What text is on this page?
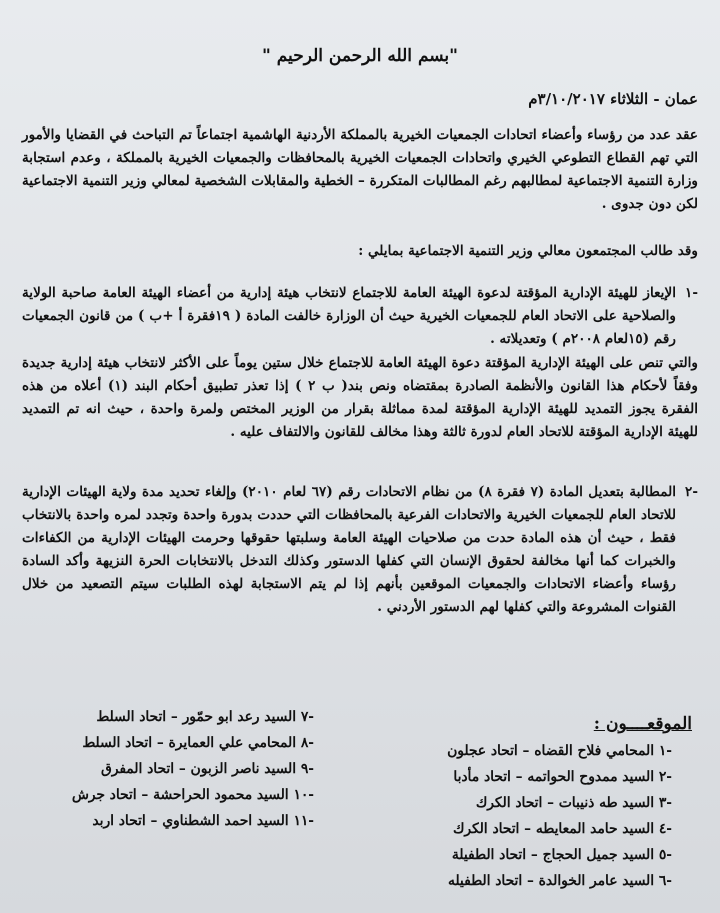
"بسم الله الرحمن الرحيم "
عمان - الثلاثاء ٣/١٠/٢٠١٧م
عقد عدد من رؤساء وأعضاء اتحادات الجمعيات الخيرية بالمملكة الأردنية الهاشمية اجتماعاً تم التباحث في القضايا والأمور التي تهم القطاع التطوعي الخيري واتحادات الجمعيات الخيرية بالمحافظات والجمعيات الخيرية بالمملكة ، وعدم استجابة وزارة التنمية الاجتماعية لمطالبهم رغم المطالبات المتكررة – الخطية والمقابلات الشخصية لمعالي وزير التنمية الاجتماعية لكن دون جدوى .
وقد طالب المجتمعون معالي وزير التنمية الاجتماعية بمايلي :
-١
الإيعاز للهيئة الإدارية المؤقتة لدعوة الهيئة العامة للاجتماع لانتخاب هيئة إدارية من أعضاء الهيئة العامة صاحبة الولاية والصلاحية على الاتحاد العام للجمعيات الخيرية حيث أن الوزارة خالفت المادة ( ١٩فقرة أ +ب ) من قانون الجمعيات رقم (١٥لعام ٢٠٠٨م ) وتعديلاته .
والتي تنص على الهيئة الإدارية المؤقتة دعوة الهيئة العامة للاجتماع خلال ستين يوماً على الأكثر لانتخاب هيئة إدارية جديدة وفقاً لأحكام هذا القانون والأنظمة الصادرة بمقتضاه ونص بند( ب ٢ ) إذا تعذر تطبيق أحكام البند (١) أعلاه من هذه الفقرة يجوز التمديد للهيئة الإدارية المؤقتة لمدة مماثلة بقرار من الوزير المختص ولمرة واحدة ، حيث انه تم التمديد للهيئة الإدارية المؤقتة للاتحاد العام لدورة ثالثة وهذا مخالف للقانون والالتفاف عليه .
-٢
المطالبة بتعديل المادة (٧ فقرة ٨) من نظام الاتحادات رقم (٦٧ لعام ٢٠١٠) وإلغاء تحديد مدة ولاية الهيئات الإدارية للاتحاد العام للجمعيات الخيرية والاتحادات الفرعية بالمحافظات التي حددت بدورة واحدة وتجدد لمره واحدة بالانتخاب فقط ، حيث أن هذه المادة حدت من صلاحيات الهيئة العامة وسلبتها حقوقها وحرمت الهيئات الإدارية من الكفاءات والخبرات كما أنها مخالفة لحقوق الإنسان التي كفلها الدستور وكذلك التدخل بالانتخابات الحرة النزيهة وأكد السادة رؤساء وأعضاء الاتحادات والجمعيات الموقعين بأنهم إذا لم يتم الاستجابة لهذه الطلبات سيتم التصعيد من خلال القنوات المشروعة والتي كفلها لهم الدستور الأردني .
الموقعــــون :
-١ المحامي فلاح القضاه – اتحاد عجلون
-٢ السيد ممدوح الحواتمه – اتحاد مأدبا
-٣ السيد طه ذنيبات – اتحاد الكرك
-٤ السيد حامد المعايطه – اتحاد الكرك
-٥ السيد جميل الحجاج – اتحاد الطفيلة
-٦ السيد عامر الخوالدة – اتحاد الطفيله
-٧ السيد رعد ابو حمّور – اتحاد السلط
-٨ المحامي علي العمايرة – اتحاد السلط
-٩ السيد ناصر الزبون – اتحاد المفرق
-١٠ السيد محمود الحراحشة – اتحاد جرش
-١١ السيد احمد الشطناوي – اتحاد اربد
